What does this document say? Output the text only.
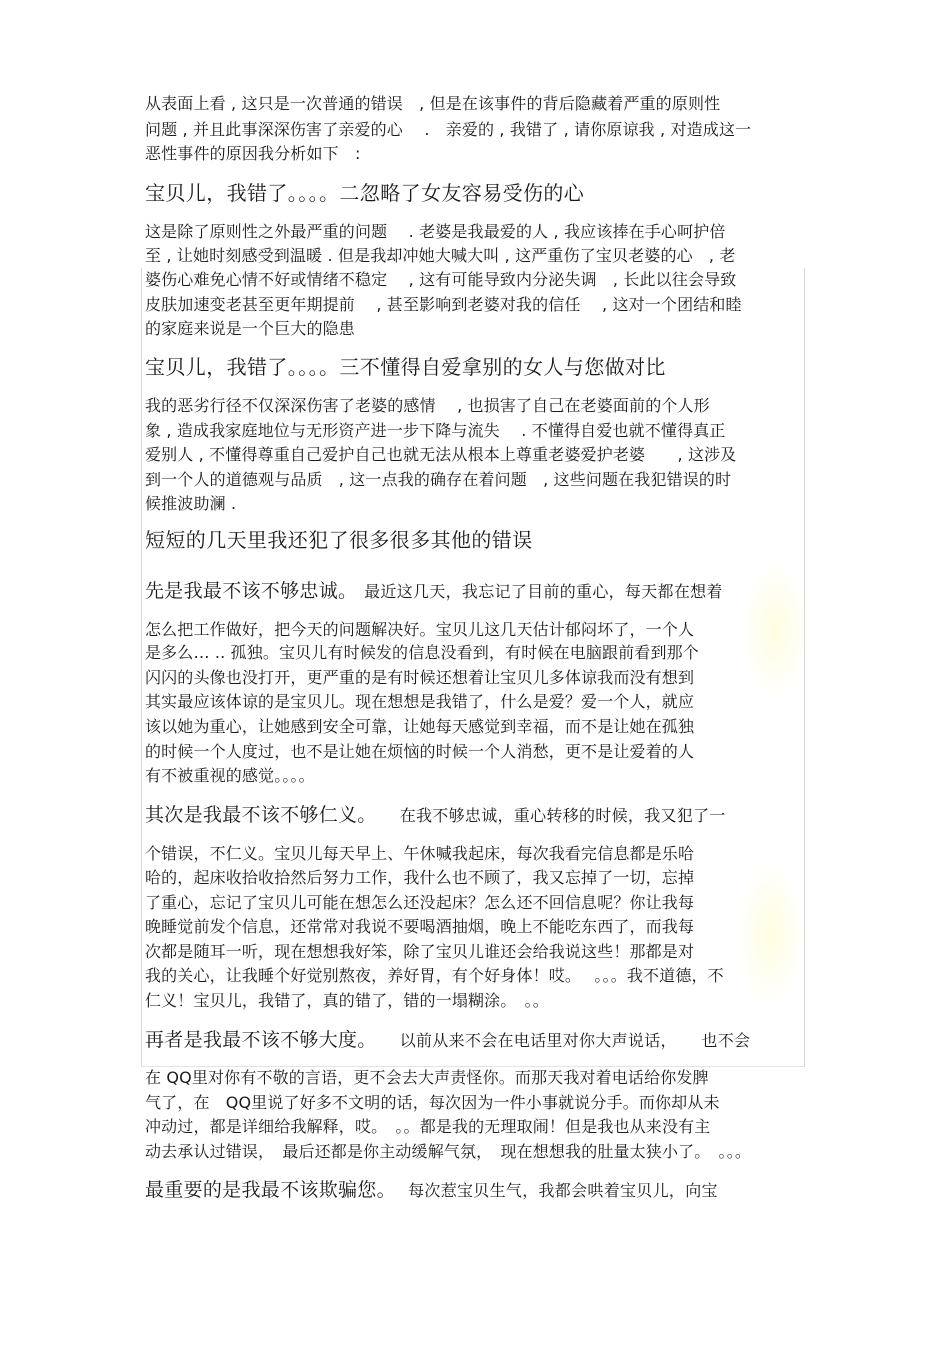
从表面上看 , 这只是一次普通的错误　, 但是在该事件的背后隐藏着严重的原则性
问题 , 并且此事深深伤害了亲爱的心　 .　亲爱的 , 我错了 , 请你原谅我 , 对造成这一
恶性事件的原因我分析如下　:
宝贝儿，我错了。。。。二忽略了女友容易受伤的心
这是除了原则性之外最严重的问题　 . 老婆是我最爱的人 , 我应该捧在手心呵护倍
至 , 让她时刻感受到温暖 . 但是我却冲她大喊大叫 , 这严重伤了宝贝老婆的心　, 老
婆伤心难免心情不好或情绪不稳定　 , 这有可能导致内分泌失调　, 长此以往会导致
皮肤加速变老甚至更年期提前　 , 甚至影响到老婆对我的信任　 , 这对一个团结和睦
的家庭来说是一个巨大的隐患
宝贝儿，我错了。。。。三不懂得自爱拿别的女人与您做对比
我的恶劣行径不仅深深伤害了老婆的感情　 , 也损害了自己在老婆面前的个人形
象 , 造成我家庭地位与无形资产进一步下降与流失　 . 不懂得自爱也就不懂得真正
爱别人 , 不懂得尊重自己爱护自己也就无法从根本上尊重老婆爱护老婆　　, 这涉及
到一个人的道德观与品质　, 这一点我的确存在着问题　, 这些问题在我犯错误的时
候推波助澜 .
短短的几天里我还犯了很多很多其他的错误
先是我最不该不够忠诚。　最近这几天，我忘记了目前的重心，每天都在想着
怎么把工作做好，把今天的问题解决好。宝贝儿这几天估计郁闷坏了，一个人
是多么… .. 孤独。宝贝儿有时候发的信息没看到，有时候在电脑跟前看到那个
闪闪的头像也没打开，更严重的是有时候还想着让宝贝儿多体谅我而没有想到
其实最应该体谅的是宝贝儿。现在想想是我错了，什么是爱？爱一个人，就应
该以她为重心，让她感到安全可靠，让她每天感觉到幸福，而不是让她在孤独
的时候一个人度过，也不是让她在烦恼的时候一个人消愁，更不是让爱着的人
有不被重视的感觉。。。。
其次是我最不该不够仁义。　　在我不够忠诚，重心转移的时候，我又犯了一
个错误，不仁义。宝贝儿每天早上、午休喊我起床，每次我看完信息都是乐哈
哈的，起床收拾收拾然后努力工作，我什么也不顾了，我又忘掉了一切，忘掉
了重心，忘记了宝贝儿可能在想怎么还没起床？怎么还不回信息呢？你让我每
晚睡觉前发个信息，还常常对我说不要喝酒抽烟，晚上不能吃东西了，而我每
次都是随耳一听，现在想想我好笨，除了宝贝儿谁还会给我说这些！那都是对
我的关心，让我睡个好觉别熬夜，养好胃，有个好身体！哎。　 。。。我不道德，不
仁义！宝贝儿，我错了，真的错了，错的一塌糊涂。　。。
再者是我最不该不够大度。　　以前从来不会在电话里对你大声说话，　　也不会
在 QQ里对你有不敬的言语，更不会去大声责怪你。而那天我对着电话给你发脾
气了，在　QQ里说了好多不文明的话，每次因为一件小事就说分手。而你却从未
冲动过，都是详细给我解释，哎。　。。都是我的无理取闹！但是我也从来没有主
动去承认过错误，　最后还都是你主动缓解气氛，　现在想想我的肚量太狭小了。　。。。
最重要的是我最不该欺骗您。　 每次惹宝贝生气，我都会哄着宝贝儿，向宝
